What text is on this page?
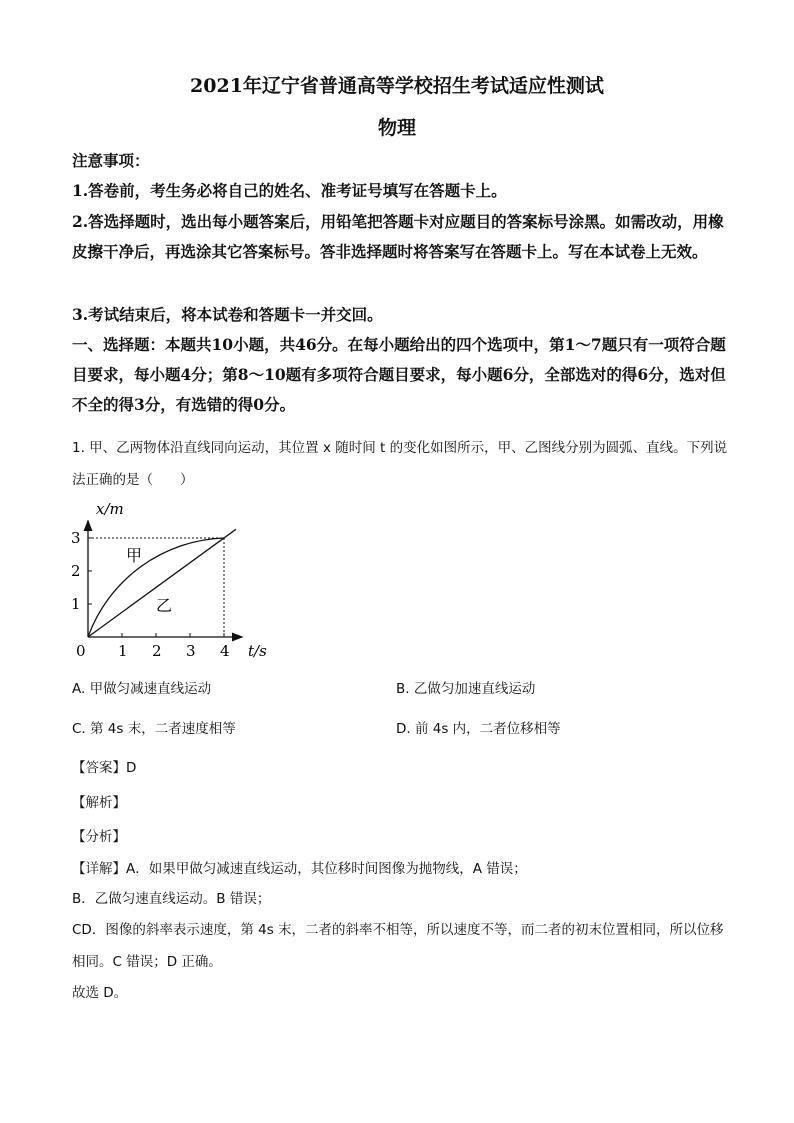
2021年辽宁省普通高等学校招生考试适应性测试
物理
注意事项：
1.答卷前，考生务必将自己的姓名、准考证号填写在答题卡上。
2.答选择题时，选出每小题答案后，用铅笔把答题卡对应题目的答案标号涂黑。如需改动，用橡皮擦干净后，再选涂其它答案标号。答非选择题时将答案写在答题卡上。写在本试卷上无效。
3.考试结束后，将本试卷和答题卡一并交回。
一、选择题：本题共10小题，共46分。在每小题给出的四个选项中，第1～7题只有一项符合题目要求，每小题4分；第8～10题有多项符合题目要求，每小题6分，全部选对的得6分，选对但不全的得3分，有选错的得0分。
1. 甲、乙两物体沿直线同向运动，其位置 x 随时间 t 的变化如图所示，甲、乙图线分别为圆弧、直线。下列说法正确的是（　　）
0 1 2 3 4
1
2
3
x/m
t/s
甲
乙
A. 甲做匀减速直线运动	B. 乙做匀加速直线运动
C. 第 4s 末，二者速度相等	D. 前 4s 内，二者位移相等
【答案】D
【解析】
【分析】
【详解】A．如果甲做匀减速直线运动，其位移时间图像为抛物线，A 错误；
B．乙做匀速直线运动。B 错误；
CD．图像的斜率表示速度，第 4s 末，二者的斜率不相等，所以速度不等，而二者的初末位置相同，所以位移相同。C 错误；D 正确。
故选 D。
